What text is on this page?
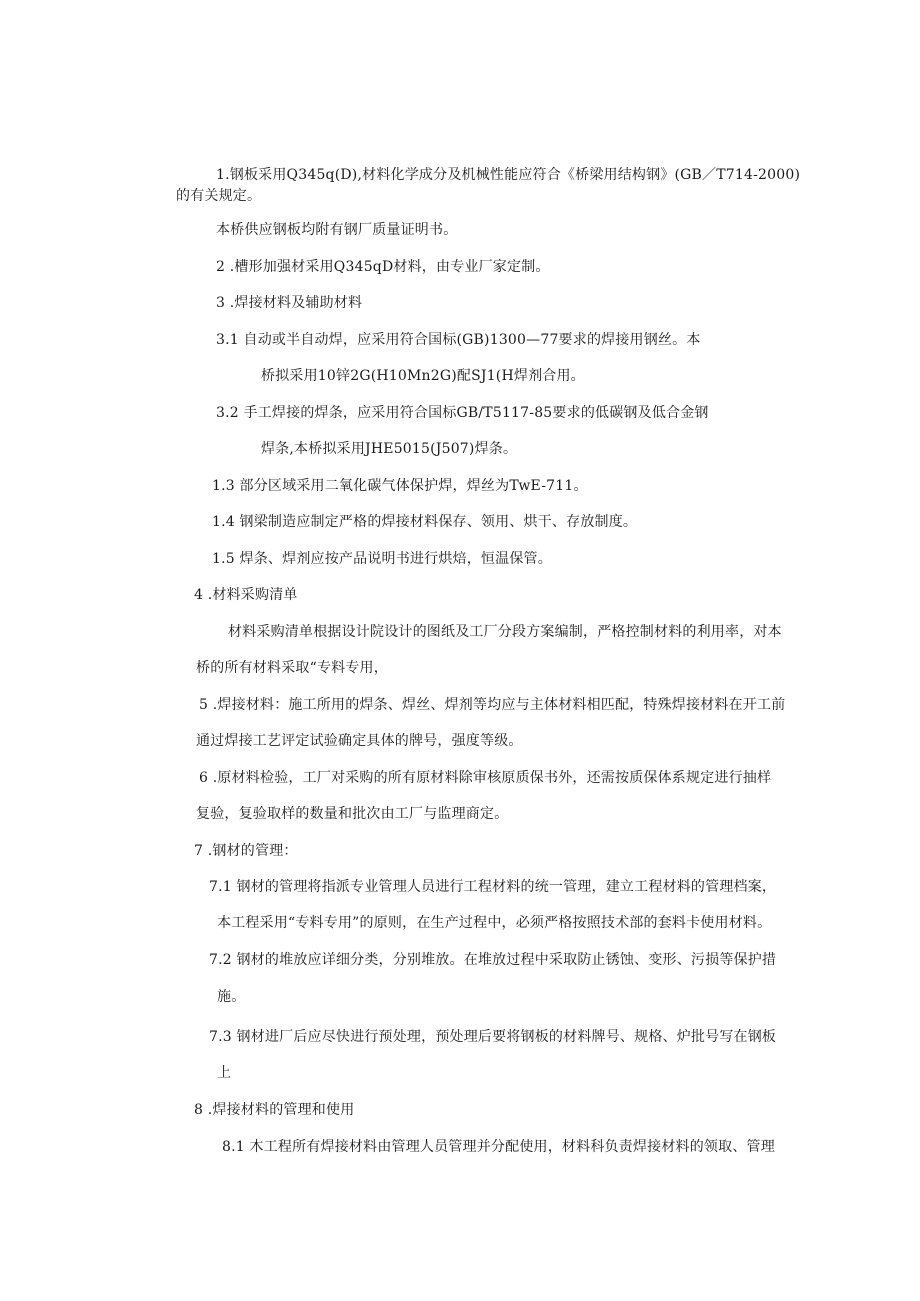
1.钢板采用Q345q(D),材料化学成分及机械性能应符合《桥梁用结构钢》(GB／T714-2000)
的有关规定。
本桥供应钢板均附有钢厂质量证明书。
2 .槽形加强材采用Q345qD材料，由专业厂家定制。
3 .焊接材料及辅助材料
3.1 自动或半自动焊，应采用符合国标(GB)1300—77要求的焊接用钢丝。本
桥拟采用10锌2G(H10Mn2G)配SJ1(H焊剂合用。
3.2 手工焊接的焊条，应采用符合国标GB/T5117-85要求的低碳钢及低合金钢
焊条,本桥拟采用JHE5015(J507)焊条。
1.3 部分区域采用二氧化碳气体保护焊，焊丝为TwE-711。
1.4 钢梁制造应制定严格的焊接材料保存、领用、烘干、存放制度。
1.5 焊条、焊剂应按产品说明书进行烘焙，恒温保管。
4 .材料采购清单
材料采购清单根据设计院设计的图纸及工厂分段方案编制，严格控制材料的利用率，对本
桥的所有材料采取“专料专用，
5 .焊接材料：施工所用的焊条、焊丝、焊剂等均应与主体材料相匹配，特殊焊接材料在开工前
通过焊接工艺评定试验确定具体的牌号，强度等级。
6 .原材料检验，工厂对采购的所有原材料除审核原质保书外，还需按质保体系规定进行抽样
复验，复验取样的数量和批次由工厂与监理商定。
7 .钢材的管理：
7.1 钢材的管理将指派专业管理人员进行工程材料的统一管理，建立工程材料的管理档案，
本工程采用“专料专用”的原则，在生产过程中，必须严格按照技术部的套料卡使用材料。
7.2 钢材的堆放应详细分类，分别堆放。在堆放过程中采取防止锈蚀、变形、污损等保护措
施。
7.3 钢材进厂后应尽快进行预处理，预处理后要将钢板的材料牌号、规格、炉批号写在钢板
上
8 .焊接材料的管理和使用
8.1 木工程所有焊接材料由管理人员管理并分配使用，材料科负责焊接材料的领取、管理
